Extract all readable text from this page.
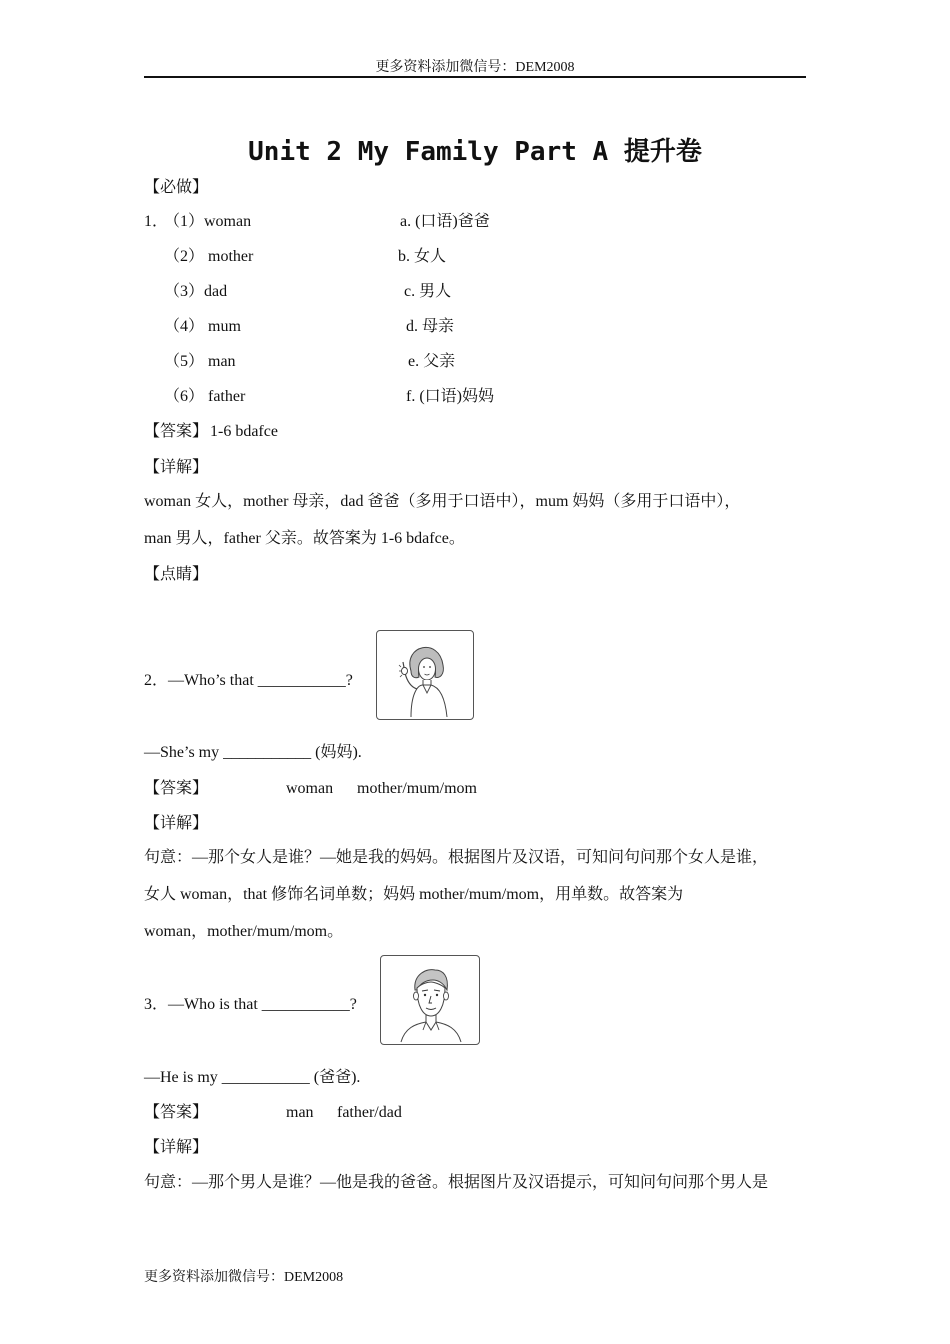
更多资料添加微信号：DEM2008
Unit 2 My Family Part A 提升卷
【必做】
1．
（1）woman	a. (口语)爸爸
（2） mother	b. 女人
（3）dad	c. 男人
（4） mum	d. 母亲
（5） man	e. 父亲
（6） father	f. (口语)妈妈
【答案】 1-6 bdafce
【详解】
woman 女人，mother 母亲，dad 爸爸（多用于口语中），mum 妈妈（多用于口语中），
man 男人，father 父亲。故答案为 1-6 bdafce。
【点睛】
2．—Who’s that ___________?
—She’s my ___________ (妈妈).
【答案】	woman mother/mum/mom
【详解】
句意：—那个女人是谁？—她是我的妈妈。根据图片及汉语，可知问句问那个女人是谁，
女人 woman，that 修饰名词单数；妈妈 mother/mum/mom，用单数。故答案为
woman，mother/mum/mom。
3．—Who is that ___________?
—He is my ___________ (爸爸).
【答案】	man father/dad
【详解】
句意：—那个男人是谁？—他是我的爸爸。根据图片及汉语提示，可知问句问那个男人是
更多资料添加微信号：DEM2008
